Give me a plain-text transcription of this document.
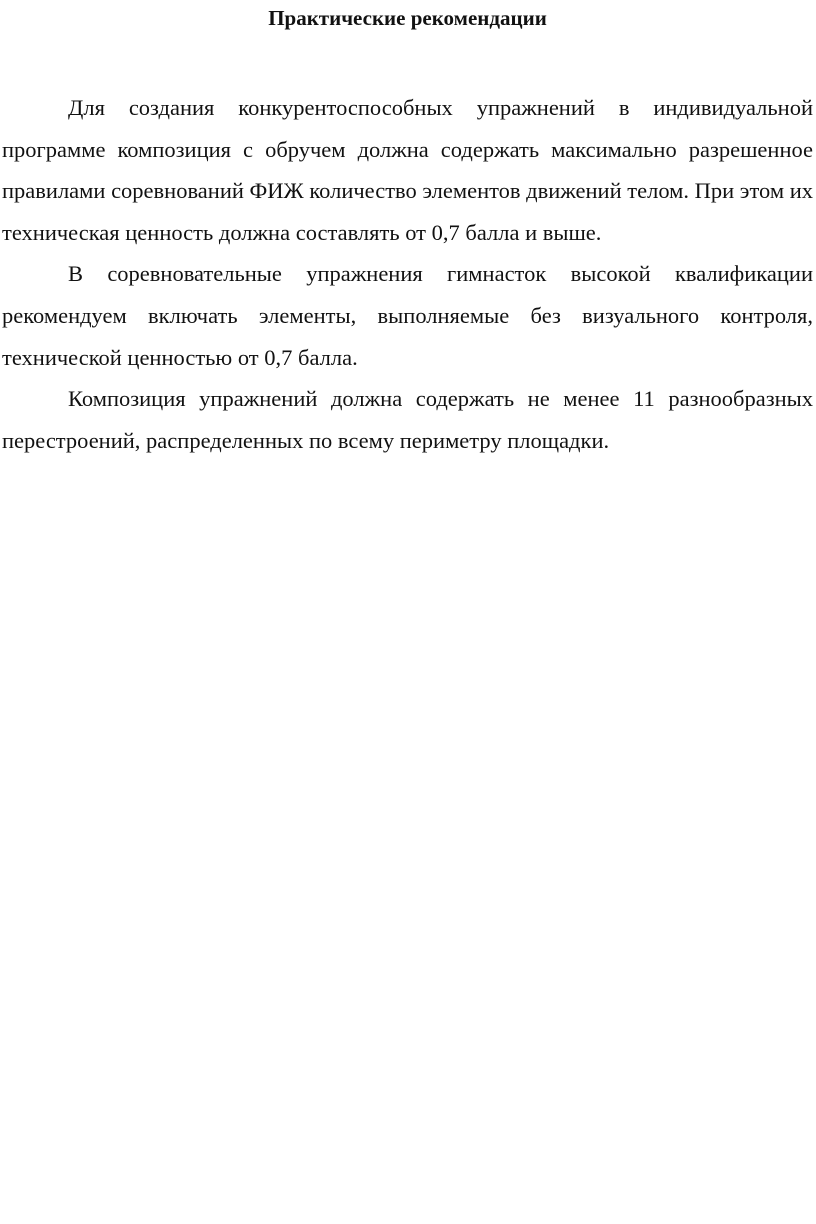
Практические рекомендации

Для создания конкурентоспособных упражнений в индивидуальной программе композиция с обручем должна содержать максимально разрешенное правилами соревнований ФИЖ количество элементов движений телом. При этом их техническая ценность должна составлять от 0,7 балла и выше.

В соревновательные упражнения гимнасток высокой квалификации рекомендуем включать элементы, выполняемые без визуального контроля, технической ценностью от 0,7 балла.

Композиция упражнений должна содержать не менее 11 разнообразных перестроений, распределенных по всему периметру площадки.
